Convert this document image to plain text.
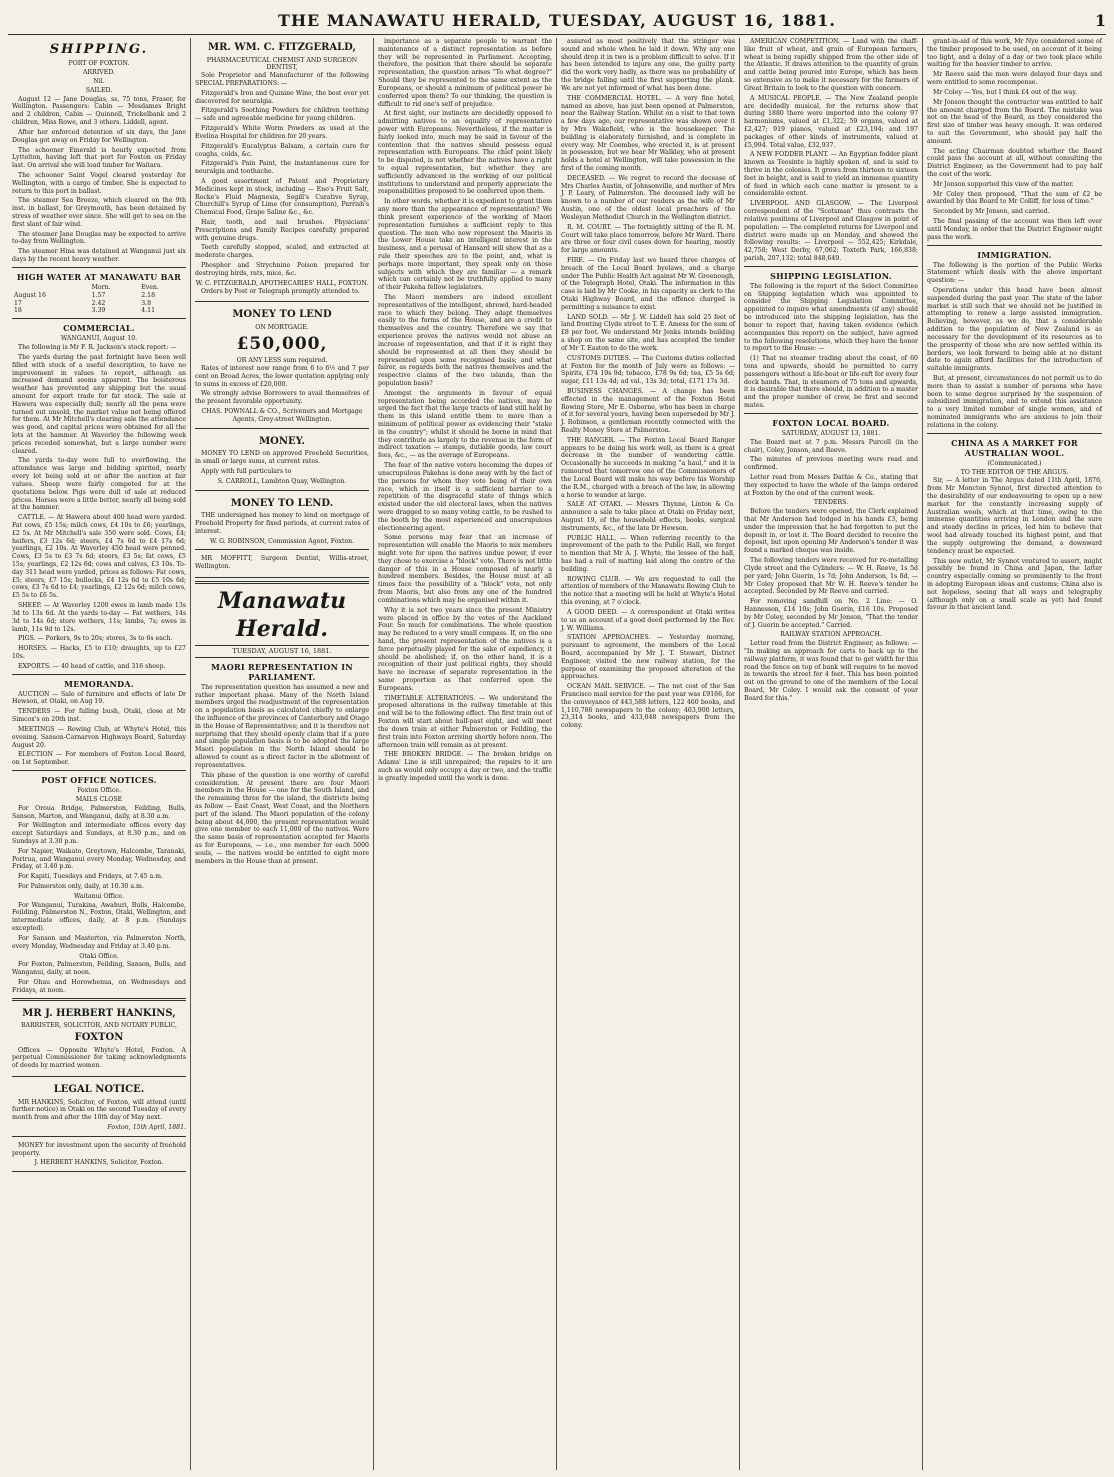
THE MANAWATU HERALD, TUESDAY, AUGUST 16, 1881.	1
SHIPPING.
PORT OF FOXTON.
ARRIVED.
Nil.
SAILED.

August 12 — Jane Douglas, ss, 75 tons, Fraser, for Wellington. Passengers: Cabin — Mesdames Bright and 2 children, Cabin — Quinnell, Trickelbank and 2 children, Miss Rowe, and 3 others. Liddell, agent.

After her enforced detention of six days, the Jane Douglas got away on Friday for Wellington.

The schooner Emerald is hourly expected from Lyttelton, having left that port for Foxton on Friday last. On arrival she will load timber for Waitara.

The schooner Saint Vogel cleared yesterday for Wellington, with a cargo of timber. She is expected to return to this port in ballast.

The steamer Sea Breeze, which cleared on the 9th inst. in ballast, for Greymouth, has been detained by stress of weather ever since. She will get to sea on the first slant of fair wind.

The steamer Jane Douglas may be expected to arrive to-day from Wellington.

The steamer Hina was detained at Wanganui just six days by the recent heavy weather.

HIGH WATER AT MANAWATU BAR
	Morn.	Even.
August 16	1.57	2.18
17	2.42	3.8
18	3.39	4.11
COMMERCIAL.
WANGANUI, August 10.

The following is Mr F. R. Jackson's stock report: —

The yards during the past fortnight have been well filled with stock of a useful description, to have no improvement in values to report, although an increased demand seems apparent. The boisterous weather has prevented any shipping but the usual amount for export trade for fat stock. The sale at Hawera was especially dull; nearly all the pens were turned out unsold, the market value not being offered for them. At Mr Mitchell's clearing sale the attendance was good, and capital prices were obtained for all the lots at the hammer. At Waverley the following week prices receded somewhat, but a large number were cleared.

The yards to-day were full to overflowing, the attendance was large and bidding spirited, nearly every lot being sold at or after the auction at fair values. Sheep were fairly competed for at the quotations below. Pigs were dull of sale at reduced prices. Horses were a little better, nearly all being sold at the hammer.

CATTLE. — At Hawera about 400 head were yarded. Fat cows, £5 15s; milch cows, £4 10s to £6; yearlings, £2 5s. At Mr Mitchell's sale 350 were sold. Cows, £4; heifers, £3 12s 6d; steers, £4 7s 6d to £4 17s 6d; yearlings, £2 10s. At Waverley 450 head were penned. Cows, £3 5s to £3 7s 6d; steers, £3 5s; fat cows, £5 15s; yearlings, £2 12s 6d; cows and calves, £3 10s. To-day 311 head were yarded, prices as follows: Fat cows, £5; steers, £7 15s; bullocks, £4 12s 6d to £5 10s 6d; cows, £3 7s 6d to £4; yearlings, £2 12s 6d; milch cows, £5 5s to £6 5s.

SHEEP. — At Waverley 1200 ewes in lamb made 13s 3d to 13s 6d. At the yards to-day — Fat wethers, 14s 3d to 14s 6d; store wethers, 11s; lambs, 7s; ewes in lamb, 11s 9d to 12s.

PIGS. — Porkers, 9s to 20s; stores, 3s to 6s each.

HORSES. — Hacks, £5 to £10; draughts, up to £27 10s.

EXPORTS. — 40 head of cattle, and 316 sheep.

MEMORANDA.

AUCTION — Sale of furniture and effects of late Dr Hewson, at Otaki, on Aug 19.

TENDERS — For falling bush, Otaki, close at Mr Simcox's on 20th inst.

MEETINGS — Rowing Club, at Whyte's Hotel, this evening. Sanson-Carnarvon Highways Board, Saturday August 20.

ELECTION — For members of Foxton Local Board, on 1st September.

POST OFFICE NOTICES.
Foxton Office.
MAILS CLOSE

For Oroua Bridge, Palmerston, Feilding, Bulls, Sanson, Marton, and Wanganui, daily, at 8.30 a.m.

For Wellington and intermediate offices every day except Saturdays and Sundays, at 8.30 p.m., and on Sundays at 3.30 p.m.

For Napier, Waikato, Greytown, Halcombe, Taranaki, Porirua, and Wanganui every Monday, Wednesday, and Friday, at 3.40 p.m.

For Kapiti, Tuesdays and Fridays, at 7.45 a.m.

For Palmerston only, daily, at 10.30 a.m.

Waitanui Office.

For Wanganui, Turakina, Awahuri, Bulls, Halcombe, Feilding, Palmerston N., Foxton, Otaki, Wellington, and intermediate offices, daily, at 8 p.m. (Sundays excepted).

For Sanson and Masterton, via Palmerston North, every Monday, Wednesday and Friday at 3.40 p.m.

Otaki Office.

For Foxton, Palmerston, Feilding, Sanson, Bulls, and Wanganui, daily, at noon.

For Ohau and Horowhenua, on Wednesdays and Fridays, at noon.

MR J. HERBERT HANKINS,
BARRISTER, SOLICITOR, AND NOTARY PUBLIC,
FOXTON

Offices — Opposite Whyte's Hotel, Foxton. A perpetual Commissioner for taking acknowledgments of deeds by married women.

LEGAL NOTICE.

MR HANKINS, Solicitor, of Foxton, will attend (until further notice) in Otaki on the second Tuesday of every month from and after the 10th day of May next.

Foxton, 15th April, 1881.

MONEY for investment upon the security of freehold property.

J. HERBERT HANKINS, Solicitor, Foxton.
MR. WM. C. FITZGERALD,
PHARMACEUTICAL CHEMIST AND SURGEON DENTIST,

Sole Proprietor and Manufacturer of the following SPECIAL PREPARATIONS: —

Fitzgerald's Iron and Quinine Wine, the best ever yet discovered for neuralgia.

Fitzgerald's Soothing Powders for children teething — safe and agreeable medicine for young children.

Fitzgerald's White Worm Powders as used at the Evelina Hospital for children for 20 years.

Fitzgerald's Eucalyptus Balsam, a certain cure for coughs, colds, &c.

Fitzgerald's Pain Paint, the instantaneous cure for neuralgia and toothache.

A good assortment of Patent and Proprietary Medicines kept in stock, including — Eno's Fruit Salt, Rocke's Fluid Magnesia, Segill's Curative Syrup, Churchill's Syrup of Lime (for consumption), Parrish's Chemical Food, Grape Saline &c., &c.

Hair, tooth, and nail brushes. Physicians' Prescriptions and Family Recipes carefully prepared with genuine drugs.

Teeth carefully stopped, scaled, and extracted at moderate charges.

Phosphor and Strychnine Poison prepared for destroying birds, rats, mice, &c.

W. C. FITZGERALD, APOTHECARIES' HALL, FOXTON.

Orders by Post or Telegraph promptly attended to.

MONEY TO LEND
ON MORTGAGE.
£50,000,
OR ANY LESS sum required.

Rates of interest now range from 6 to 6½ and 7 per cent on Broad Acres, the lower quotation applying only to sums in excess of £20,000.

We strongly advise Borrowers to avail themselves of the present favorable opportunity.

CHAS. POWNALL & CO., Scriveners and Mortgage Agents, Grey-street Wellington.
MONEY.

MONEY TO LEND on approved Freehold Securities, in small or large sums, at current rates.

Apply with full particulars to

S. CARROLL, Lambton Quay, Wellington.
MONEY TO LEND.

THE undersigned has money to lend on mortgage of Freehold Property for fixed periods, at current rates of interest.

W. G. ROBINSON, Commission Agent, Foxton.

MR MOFFITT, Surgeon Dentist, Willis-street, Wellington.

Manawatu Herald.
TUESDAY, AUGUST 16, 1881.
MAORI REPRESENTATION IN PARLIAMENT.

The representation question has assumed a new and rather important phase. Many of the North Island members urged the readjustment of the representation on a population basis as calculated chiefly to enlarge the influence of the provinces of Canterbury and Otago in the House of Representatives; and it is therefore not surprising that they should openly claim that if a pure and simple population basis is to be adopted the large Maori population in the North Island should be allowed to count as a direct factor in the allotment of representatives.

This phase of the question is one worthy of careful consideration. At present there are four Maori members in the House — one for the South Island, and the remaining three for the island, the districts being as follow — East Coast, West Coast, and the Northern part of the island. The Maori population of the colony being about 44,000, the present representation would give one member to each 11,000 of the natives. Were the same basis of representation accepted for Maoris as for Europeans, — i.e., one member for each 5000 souls, — the natives would be entitled to eight more members in the House than at present.

importance as a separate people to warrant the maintenance of a distinct representation as before they will be represented in Parliament. Accepting, therefore, the position that there should be separate representation, the question arises "To what degree?" Should they be represented to the same extent as the Europeans, or should a minimum of political power be conferred upon them? To our thinking, the question is difficult to rid one's self of prejudice.

At first sight, our instincts are decidedly opposed to admitting natives to an equality of representative power with Europeans. Nevertheless, if the matter is fairly looked into, much may be said in favour of the contention that the natives should possess equal representation with Europeans. The chief point likely to be disputed, is not whether the natives have a right to equal representation, but whether they are sufficiently advanced in the working of our political institutions to understand and properly appreciate the responsibilities proposed to be conferred upon them.

In other words, whether it is expedient to grant them any more than the appearance of representation? We think present experience of the working of Maori representation furnishes a sufficient reply to this question. The men who now represent the Maoris in the Lower House take an intelligent interest in the business, and a perusal of Hansard will show that as a rule their speeches are to the point, and, what is perhaps more important, they speak only on those subjects with which they are familiar — a remark which can certainly not be truthfully applied to many of their Pakeha fellow legislators.

The Maori members are indeed excellent representatives of the intelligent, shrewd, hard-headed race to which they belong. They adapt themselves easily to the forms of the House, and are a credit to themselves and the country. Therefore we say that experience proves the natives would not abuse an increase of representation, and that if it is right they should be represented at all then they should be represented upon some recognised basis; and what fairer, as regards both the natives themselves and the respective claims of the two islands, than the population basis?

Amongst the arguments in favour of equal representation being accorded the natives, may be urged the fact that the large tracts of land still held by them in this island entitle them to more than a minimum of political power as evidencing their "stake in the country"; whilst it should be borne in mind that they contribute as largely to the revenue in the form of indirect taxation — stamps, dutiable goods, law court fees, &c., — as the average of Europeans.

The fear of the native voters becoming the dupes of unscrupulous Pakehas is done away with by the fact of the persons for whom they vote being of their own race, which in itself is a sufficient barrier to a repetition of the disgraceful state of things which existed under the old electoral laws, when the natives were dragged to so many voting cattle, to be rushed to the booth by the most experienced and unscrupulous electioneering agent.

Some persons may fear that an increase of representation will enable the Maoris to mix members might vote for upon the natives undue power, if ever they chose to exercise a "block" vote. There is not little danger of this in a House composed of nearly a hundred members. Besides, the House must at all times face the possibility of a "block" vote, not only from Maoris, but also from any one of the hundred combinations which may be organised within it.

Why it is not two years since the present Ministry were placed in office by the votes of the Auckland Four. So much for combinations. The whole question may be reduced to a very small compass. If, on the one hand, the present representation of the natives is a farce perpetually played for the sake of expediency, it should be abolished; if, on the other hand, it is a recognition of their just political rights, they should have no increase of separate representation in the same proportion as that conferred upon the Europeans.

TIMETABLE ALTERATIONS. — We understand the proposed alterations in the railway timetable at this end will be to the following effect. The first train out of Foxton will start about half-past eight, and will meet the down train at either Palmerston or Feilding, the first train into Foxton arriving shortly before noon. The afternoon train will remain as at present.

THE BROKEN BRIDGE. — The broken bridge on Adams' Line is still unrepaired; the repairs to it are such as would only occupy a day or two, and the traffic is greatly impeded until the work is done.

assured as most positively that the stringer was sound and whole when he laid it down. Why any one should drop it in two is a problem difficult to solve. If it has been intended to injure any one, the guilty party did the work very badly, as there was no probability of the bridge falling until the first supporting the plank. We are not yet informed of what has been done.

THE COMMERCIAL HOTEL. — A very fine hotel, named as above, has just been opened at Palmerston, near the Railway Station. Whilst on a visit to that town a few days ago, our representative was shown over it by Mrs Wakefield, who is the housekeeper. The building is elaborately furnished, and is complete in every way. Mr Coombes, who erected it, is at present in possession, but we hear Mr Walkley, who at present holds a hotel at Wellington, will take possession in the first of the coming month.

DECEASED. — We regret to record the decease of Mrs Charles Austin, of Johnsonville, and mother of Mrs J. P. Leary, of Palmerston. The deceased lady will be known to a number of our readers as the wife of Mr Austin, one of the oldest local preachers of the Wesleyan Methodist Church in the Wellington district.

R. M. COURT. — The fortnightly sitting of the R. M. Court will take place tomorrow, before Mr Ward. There are three or four civil cases down for hearing, mostly for large amounts.

FIRE. — On Friday last we heard three charges of breach of the Local Board byelaws, and a charge under The Public Health Act against Mr W. Greenough, of the Telegraph Hotel, Otaki. The information in this case is laid by Mr Cooke, in his capacity as clerk to the Otaki Highway Board, and the offence charged is permitting a nuisance to exist.

LAND SOLD. — Mr J. W. Liddell has sold 25 feet of land fronting Clyde street to T. E. Amess for the sum of £8 per foot. We understand Mr Jenks intends building a shop on the same site, and has accepted the tender of Mr T. Easton to do the work.

CUSTOMS DUTIES. — The Customs duties collected at Foxton for the month of July were as follows: — Spirits, £74 19s 9d; tobacco, £78 9s 6d; tea, £5 5s 6d; sugar, £11 13s 4d; ad val., 13s 3d; total, £171 17s 3d.

BUSINESS CHANGES. — A change has been effected in the management of the Foxton Hotel Rowing Store, Mr E. Osborne, who has been in charge of it for several years, having been superseded by Mr J. J. Robinson, a gentleman recently connected with the Realty Money Store at Palmerston.

THE RANGER. — The Foxton Local Board Ranger appears to be doing his work well, as there is a great decrease in the number of wandering cattle. Occasionally he succeeds in making "a haul," and it is rumoured that tomorrow one of the Commissioners of the Local Board will make his way before his Worship the R.M., charged with a breach of the law, in allowing a horse to wander at large.

SALE AT OTAKI. — Messrs Thynne, Linton & Co. announce a sale to take place at Otaki on Friday next, August 19, of the household effects, books, surgical instruments, &c., of the late Dr Hewson.

PUBLIC HALL. — When referring recently to the improvement of the path to the Public Hall, we forgot to mention that Mr A. J. Whyte, the lessee of the hall, has had a rail of matting laid along the centre of the building.

ROWING CLUB. — We are requested to call the attention of members of the Manawatu Rowing Club to the notice that a meeting will be held at Whyte's Hotel this evening, at 7 o'clock.

A GOOD DEED. — A correspondent at Otaki writes to us an account of a good deed performed by the Rev. J. W. Williams.

STATION APPROACHES. — Yesterday morning, pursuant to agreement, the members of the Local Board, accompanied by Mr J. T. Stewart, District Engineer, visited the new railway station, for the purpose of examining the proposed alteration of the approaches.

OCEAN MAIL SERVICE. — The net cost of the San Francisco mail service for the past year was £9166, for the conveyance of 443,588 letters, 122 460 books, and 1,110,786 newspapers to the colony; 463,900 letters, 23,314 books, and 433,048 newspapers from the colony.

AMERICAN COMPETITION. — Land with the chaff-like fruit of wheat, and grain of European farmers, wheat is being rapidly shipped from the other side of the Atlantic. It draws attention to the quantity of grain and cattle being poured into Europe, which has been so extensive as to make it necessary for the farmers of Great Britain to look to the question with concern.

A MUSICAL PEOPLE. — The New Zealand people are decidedly musical, for the returns show that during 1880 there were imported into the colony 97 harmoniums, valued at £1,322; 59 organs, valued at £2,427; 919 pianos, valued at £23,194; and 197 packages of other kinds of instruments, valued at £5,994. Total value, £32,937.

A NEW FODDER PLANT. — An Egyptian fodder plant known as Teosinte is highly spoken of, and is said to thrive in the colonies. It grows from thirteen to sixteen feet in height, and is said to yield an immense quantity of feed in which each cane matter is present to a considerable extent.

LIVERPOOL AND GLASGOW. — The Liverpool correspondent of the "Scotsman" thus contrasts the relative positions of Liverpool and Glasgow in point of population: — The completed returns for Liverpool and district were made up on Monday, and showed the following results: — Liverpool — 552,425; Kirkdale, 42,758; West Derby, 67,062; Toxteth Park, 166,838; parish, 207,132; total 848,649.

SHIPPING LEGISLATION.

The following is the report of the Select Committee on Shipping legislation which was appointed to consider the Shipping Legislation Committee, appointed to inquire what amendments (if any) should be introduced into the shipping legislation, has the honor to report that, having taken evidence (which accompanies this report) on the subject, have agreed to the following resolutions, which they have the honor to report to the House: —

(1) That no steamer trading about the coast, of 60 tons and upwards, should be permitted to carry passengers without a life-boat or life-raft for every four deck hands. That, in steamers of 75 tons and upwards, it is desirable that there should, in addition to a master and the proper number of crew, be first and second mates.

FOXTON LOCAL BOARD.
SATURDAY, AUGUST 13, 1881.

The Board met at 7 p.m. Messrs Purcell (in the chair), Coley, Jonson, and Reeve.

The minutes of previous meeting were read and confirmed.

Letter read from Messrs Dathie & Co., stating that they expected to have the whole of the lamps ordered at Foxton by the end of the current week.

TENDERS.

Before the tenders were opened, the Clerk explained that Mr Anderson had lodged in his hands £3, being under the impression that he had forgotten to put the deposit in, or lost it. The Board decided to receive the deposit, but upon opening Mr Anderson's tender it was found a marked cheque was inside.

The following tenders were received for re-metalling Clyde street and the Cylinders: — W. H. Reeve, 1s 5d per yard; John Guerin, 1s 7d; John Anderson, 1s 8d. — Mr Coley proposed that Mr W. H. Reeve's tender be accepted. Seconded by Mr Reeve and carried.

For removing sandhill on No. 2 Line: — O. Hannesson, £14 10s; John Guerin, £16 10s. Proposed by Mr Coley, seconded by Mr Jonson, "That the tender of J. Guerin be accepted." Carried.

RAILWAY STATION APPROACH.

Letter read from the District Engineer, as follows: — "In making an approach for carts to back up to the railway platform, it was found that to get width for this road the fence on top of bank will require to be moved in towards the street for 4 feet. This has been pointed out on the ground to one of the members of the Local Board, Mr Coley. I would ask the consent of your Board for this."

grant-in-aid of this work, Mr Nye considered some of the timber proposed to be used, on account of it being too light, and a delay of a day or two took place while waiting for the heavier timber to arrive.

Mr Reeve said the men were delayed four days and were entitled to some recompense.

Mr Coley — Yes, but I think £4 out of the way.

Mr Jonson thought the contractor was entitled to half the amount charged from the Board. The mistake was not on the head of the Board, as they considered the first size of timber was heavy enough. It was ordered to suit the Government, who should pay half the amount.

The acting Chairman doubted whether the Board could pass the account at all, without consulting the District Engineer, as the Government had to pay half the cost of the work.

Mr Jonson supported this view of the matter.

Mr Coley then proposed, "That the sum of £2 be awarded by this Board to Mr Colliff, for loss of time."

Seconded by Mr Jonson, and carried.

The final passing of the account was then left over until Monday, in order that the District Engineer might pass the work.

IMMIGRATION.

The following is the portion of the Public Works Statement which deals with the above important question: —

Operations under this head have been almost suspended during the past year. The state of the labor market is still such that we should not be justified in attempting to renew a large assisted immigration. Believing, however, as we do, that a considerable addition to the population of New Zealand is as necessary for the development of its resources as to the prosperity of those who are now settled within its borders, we look forward to being able at no distant date to again afford facilities for the introduction of suitable immigrants.

But, at present, circumstances do not permit us to do more than to assist a number of persons who have been to some degree surprised by the suspension of subsidized immigration, and to extend this assistance to a very limited number of single women, and of nominated immigrants who are anxious to join their relations in the colony.

CHINA AS A MARKET FOR AUSTRALIAN WOOL.
(Communicated.)
TO THE EDITOR OF THE ARGUS.

Sir, — A letter in The Argus dated 11th April, 1876, from Mr Moncton Synnot, first directed attention to the desirability of our endeavouring to open up a new market for the constantly increasing supply of Australian wools, which at that time, owing to the immense quantities arriving in London and the sure and steady decline in prices, led him to believe that wool had already touched its highest point, and that the supply outgrowing the demand, a downward tendency must be expected.

This new outlet, Mr Synnot ventured to assert, might possibly be found in China and Japan, the latter country especially coming so prominently to the front in adopting European ideas and customs; China also is not hopeless, seeing that all ways and telegraphy (although only on a small scale as yet) had found favour in that ancient land.
